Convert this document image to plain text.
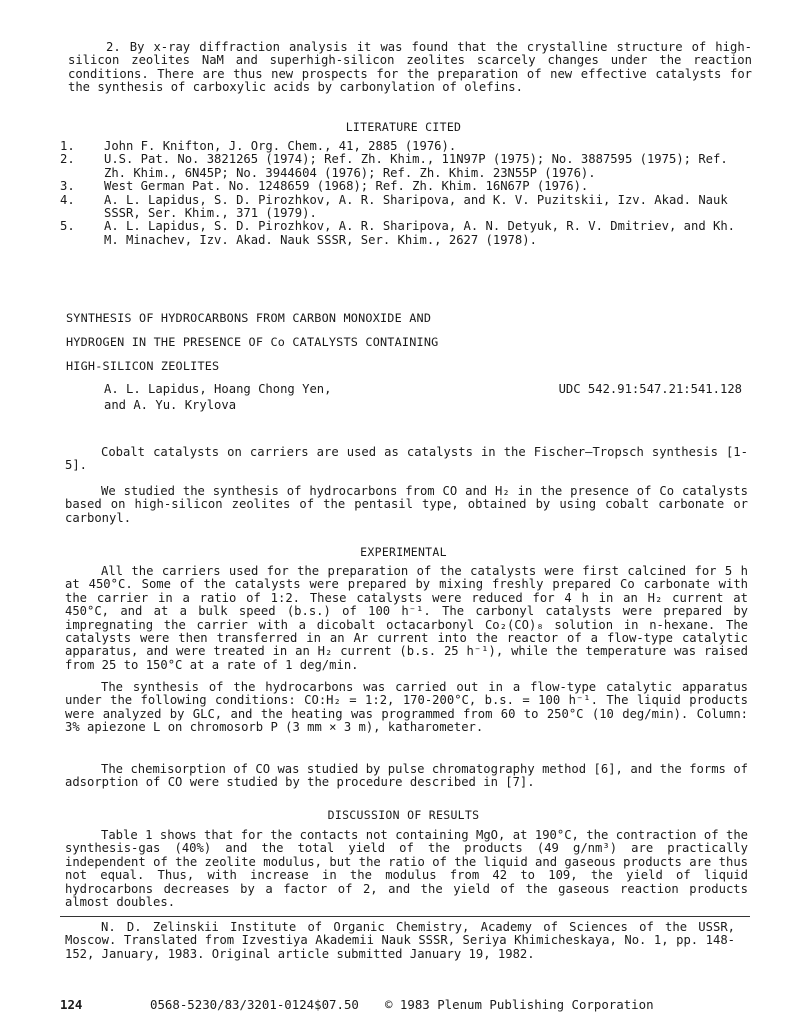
2. By x-ray diffraction analysis it was found that the crystalline structure of high-silicon zeolites NaM and superhigh-silicon zeolites scarcely changes under the reaction conditions. There are thus new prospects for the preparation of new effective catalysts for the synthesis of carboxylic acids by carbonylation of olefins.

LITERATURE CITED
1. John F. Knifton, J. Org. Chem., 41, 2885 (1976).
2. U.S. Pat. No. 3821265 (1974); Ref. Zh. Khim., 11N97P (1975); No. 3887595 (1975); Ref. Zh. Khim., 6N45P; No. 3944604 (1976); Ref. Zh. Khim. 23N55P (1976).
3. West German Pat. No. 1248659 (1968); Ref. Zh. Khim. 16N67P (1976).
4. A. L. Lapidus, S. D. Pirozhkov, A. R. Sharipova, and K. V. Puzitskii, Izv. Akad. Nauk SSSR, Ser. Khim., 371 (1979).
5. A. L. Lapidus, S. D. Pirozhkov, A. R. Sharipova, A. N. Detyuk, R. V. Dmitriev, and Kh. M. Minachev, Izv. Akad. Nauk SSSR, Ser. Khim., 2627 (1978).
SYNTHESIS OF HYDROCARBONS FROM CARBON MONOXIDE AND
HYDROGEN IN THE PRESENCE OF Co CATALYSTS CONTAINING
HIGH-SILICON ZEOLITES
A. L. Lapidus, Hoang Chong Yen,
and A. Yu. Krylova
UDC 542.91:547.21:541.128

Cobalt catalysts on carriers are used as catalysts in the Fischer–Tropsch synthesis [1-5].

We studied the synthesis of hydrocarbons from CO and H₂ in the presence of Co catalysts based on high-silicon zeolites of the pentasil type, obtained by using cobalt carbonate or carbonyl.

EXPERIMENTAL

All the carriers used for the preparation of the catalysts were first calcined for 5 h at 450°C. Some of the catalysts were prepared by mixing freshly prepared Co carbonate with the carrier in a ratio of 1:2. These catalysts were reduced for 4 h in an H₂ current at 450°C, and at a bulk speed (b.s.) of 100 h⁻¹. The carbonyl catalysts were prepared by impregnating the carrier with a dicobalt octacarbonyl Co₂(CO)₈ solution in n-hexane. The catalysts were then transferred in an Ar current into the reactor of a flow-type catalytic apparatus, and were treated in an H₂ current (b.s. 25 h⁻¹), while the temperature was raised from 25 to 150°C at a rate of 1 deg/min.

The synthesis of the hydrocarbons was carried out in a flow-type catalytic apparatus under the following conditions: CO:H₂ = 1:2, 170-200°C, b.s. = 100 h⁻¹. The liquid products were analyzed by GLC, and the heating was programmed from 60 to 250°C (10 deg/min). Column: 3% apiezone L on chromosorb P (3 mm × 3 m), katharometer.

The chemisorption of CO was studied by pulse chromatography method [6], and the forms of adsorption of CO were studied by the procedure described in [7].

DISCUSSION OF RESULTS

Table 1 shows that for the contacts not containing MgO, at 190°C, the contraction of the synthesis-gas (40%) and the total yield of the products (49 g/nm³) are practically independent of the zeolite modulus, but the ratio of the liquid and gaseous products are thus not equal. Thus, with increase in the modulus from 42 to 109, the yield of liquid hydrocarbons decreases by a factor of 2, and the yield of the gaseous reaction products almost doubles.

N. D. Zelinskii Institute of Organic Chemistry, Academy of Sciences of the USSR, Moscow. Translated from Izvestiya Akademii Nauk SSSR, Seriya Khimicheskaya, No. 1, pp. 148-152, January, 1983. Original article submitted January 19, 1982.

124	0568-5230/83/3201-0124$07.50 © 1983 Plenum Publishing Corporation
